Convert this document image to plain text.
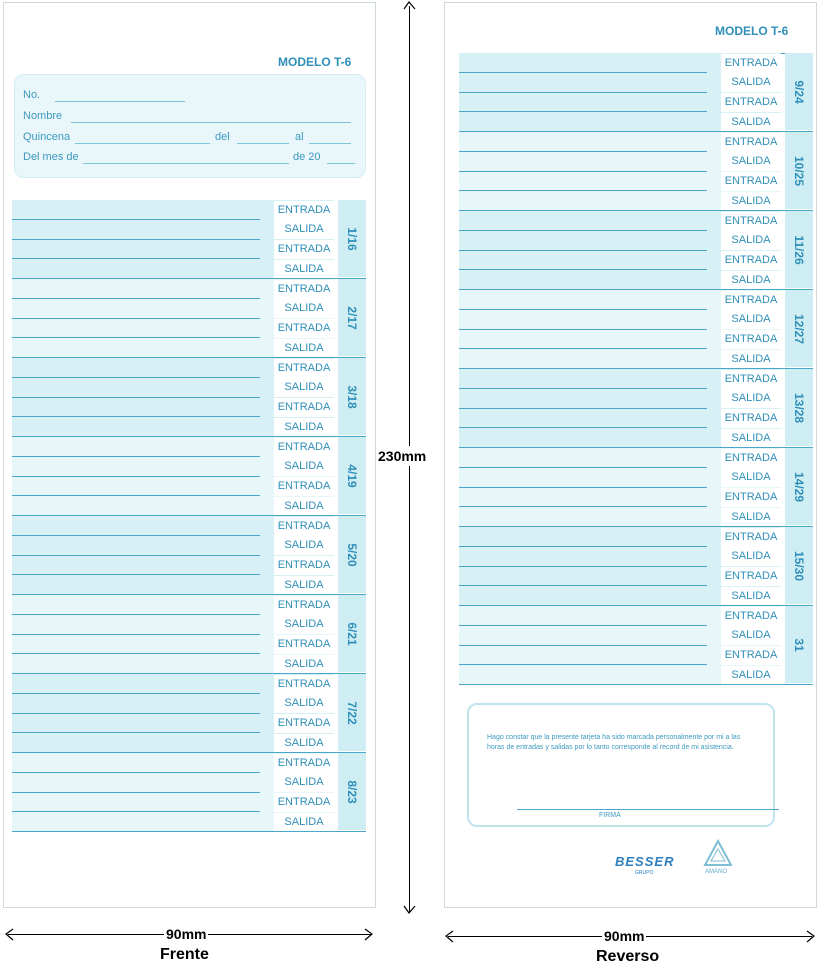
MODELO T-6
No.
Nombre
Quincena	del	al
Del mes de	de 20
1/16
ENTRADA
SALIDA
ENTRADA
SALIDA
2/17
ENTRADA
SALIDA
ENTRADA
SALIDA
3/18
ENTRADA
SALIDA
ENTRADA
SALIDA
4/19
ENTRADA
SALIDA
ENTRADA
SALIDA
5/20
ENTRADA
SALIDA
ENTRADA
SALIDA
6/21
ENTRADA
SALIDA
ENTRADA
SALIDA
7/22
ENTRADA
SALIDA
ENTRADA
SALIDA
8/23
ENTRADA
SALIDA
ENTRADA
SALIDA
MODELO T-6
9/24
ENTRADA
SALIDA
ENTRADA
SALIDA
10/25
ENTRADA
SALIDA
ENTRADA
SALIDA
11/26
ENTRADA
SALIDA
ENTRADA
SALIDA
12/27
ENTRADA
SALIDA
ENTRADA
SALIDA
13/28
ENTRADA
SALIDA
ENTRADA
SALIDA
14/29
ENTRADA
SALIDA
ENTRADA
SALIDA
15/30
ENTRADA
SALIDA
ENTRADA
SALIDA
31
ENTRADA
SALIDA
ENTRADA
SALIDA
Hago constar que la presente tarjeta ha sido marcada personalmente por mi a las horas de entradas y salidas por lo tanto corresponde al record de mi asistencia.
FIRMA
BESSER
GRUPO	AMANO
230mm
90mm
Frente
90mm
Reverso
